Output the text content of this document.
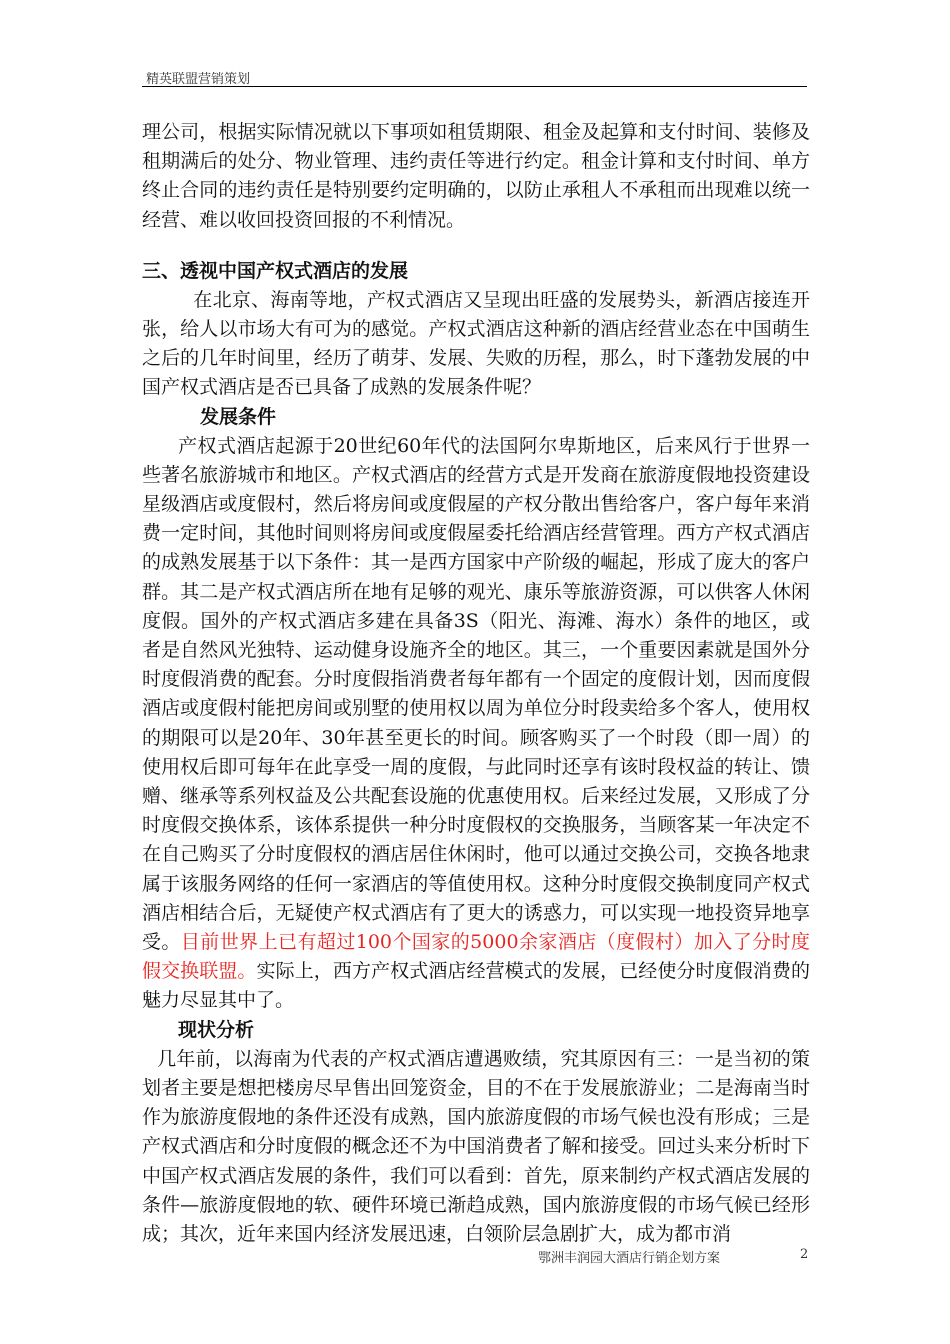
精英联盟营销策划

理公司，根据实际情况就以下事项如租赁期限、租金及起算和支付时间、装修及租期满后的处分、物业管理、违约责任等进行约定。租金计算和支付时间、单方终止合同的违约责任是特别要约定明确的，以防止承租人不承租而出现难以统一经营、难以收回投资回报的不利情况。

三、透视中国产权式酒店的发展

在北京、海南等地，产权式酒店又呈现出旺盛的发展势头，新酒店接连开张，给人以市场大有可为的感觉。产权式酒店这种新的酒店经营业态在中国萌生之后的几年时间里，经历了萌芽、发展、失败的历程，那么，时下蓬勃发展的中国产权式酒店是否已具备了成熟的发展条件呢？

发展条件

产权式酒店起源于20世纪60年代的法国阿尔卑斯地区，后来风行于世界一些著名旅游城市和地区。产权式酒店的经营方式是开发商在旅游度假地投资建设星级酒店或度假村，然后将房间或度假屋的产权分散出售给客户，客户每年来消费一定时间，其他时间则将房间或度假屋委托给酒店经营管理。西方产权式酒店的成熟发展基于以下条件：其一是西方国家中产阶级的崛起，形成了庞大的客户群。其二是产权式酒店所在地有足够的观光、康乐等旅游资源，可以供客人休闲度假。国外的产权式酒店多建在具备3S（阳光、海滩、海水）条件的地区，或者是自然风光独特、运动健身设施齐全的地区。其三，一个重要因素就是国外分时度假消费的配套。分时度假指消费者每年都有一个固定的度假计划，因而度假酒店或度假村能把房间或别墅的使用权以周为单位分时段卖给多个客人，使用权的期限可以是20年、30年甚至更长的时间。顾客购买了一个时段（即一周）的使用权后即可每年在此享受一周的度假，与此同时还享有该时段权益的转让、馈赠、继承等系列权益及公共配套设施的优惠使用权。后来经过发展，又形成了分时度假交换体系，该体系提供一种分时度假权的交换服务，当顾客某一年决定不在自己购买了分时度假权的酒店居住休闲时，他可以通过交换公司，交换各地隶属于该服务网络的任何一家酒店的等值使用权。这种分时度假交换制度同产权式酒店相结合后，无疑使产权式酒店有了更大的诱惑力，可以实现一地投资异地享受。目前世界上已有超过100个国家的5000余家酒店（度假村）加入了分时度假交换联盟。实际上，西方产权式酒店经营模式的发展，已经使分时度假消费的魅力尽显其中了。

现状分析

几年前，以海南为代表的产权式酒店遭遇败绩，究其原因有三：一是当初的策划者主要是想把楼房尽早售出回笼资金，目的不在于发展旅游业；二是海南当时作为旅游度假地的条件还没有成熟，国内旅游度假的市场气候也没有形成；三是产权式酒店和分时度假的概念还不为中国消费者了解和接受。回过头来分析时下中国产权式酒店发展的条件，我们可以看到：首先，原来制约产权式酒店发展的条件—旅游度假地的软、硬件环境已渐趋成熟，国内旅游度假的市场气候已经形成；其次，近年来国内经济发展迅速，白领阶层急剧扩大，成为都市消

鄂洲丰润园大酒店行销企划方案	2
